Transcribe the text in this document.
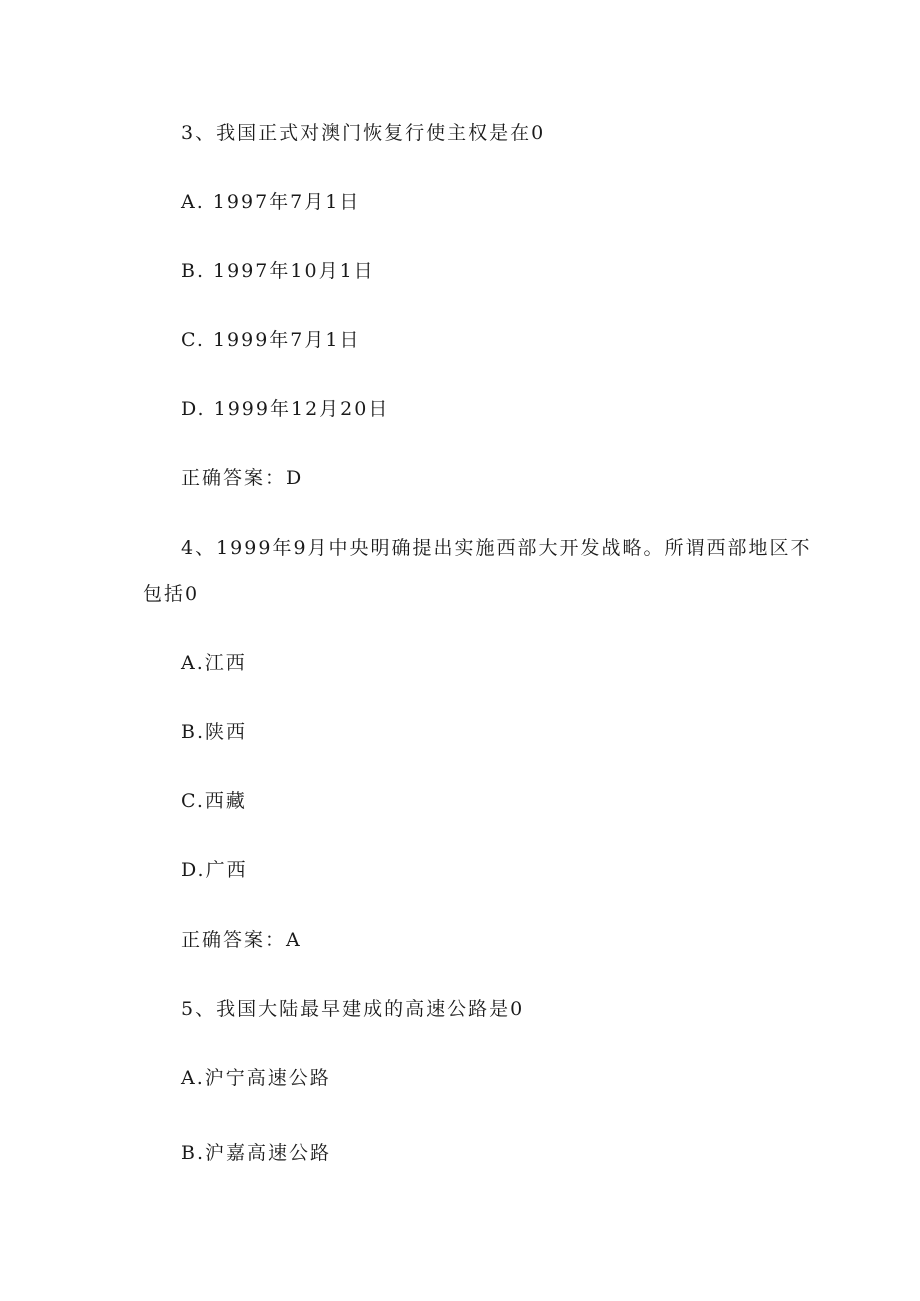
3、我国正式对澳门恢复行使主权是在0
A. 1997年7月1日
B. 1997年10月1日
C. 1999年7月1日
D. 1999年12月20日
正确答案：D
4、1999年9月中央明确提出实施西部大开发战略。所谓西部地区不
包括0
A.江西
B.陕西
C.西藏
D.广西
正确答案：A
5、我国大陆最早建成的高速公路是0
A.沪宁高速公路
B.沪嘉高速公路
